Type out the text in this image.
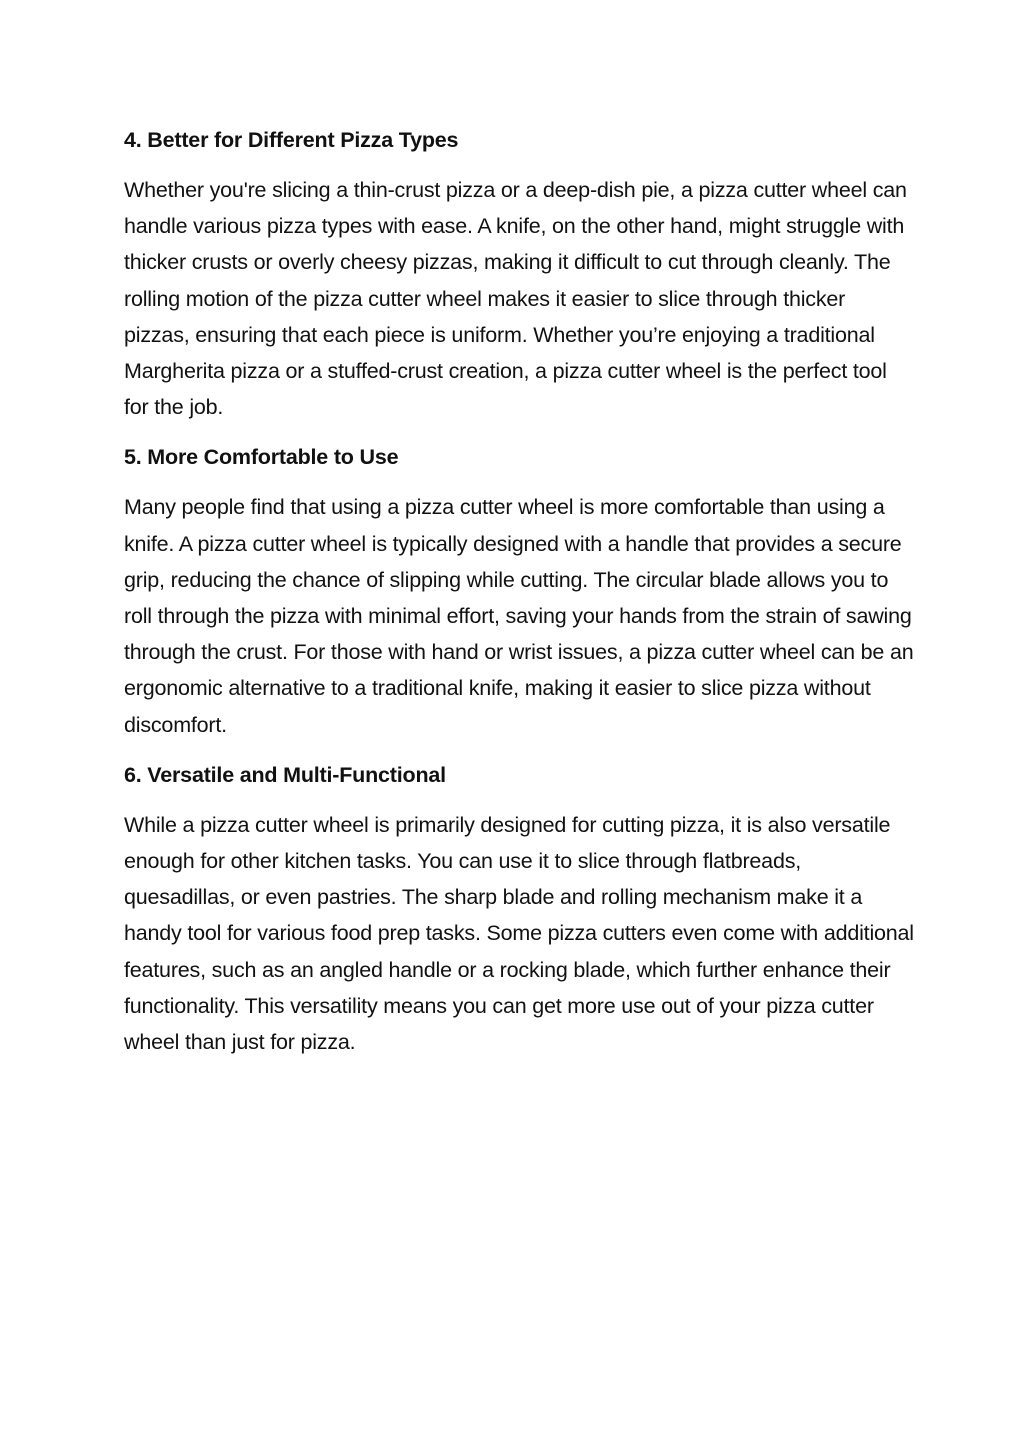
4. Better for Different Pizza Types

Whether you're slicing a thin-crust pizza or a deep-dish pie, a pizza cutter wheel can handle various pizza types with ease. A knife, on the other hand, might struggle with thicker crusts or overly cheesy pizzas, making it difficult to cut through cleanly. The rolling motion of the pizza cutter wheel makes it easier to slice through thicker pizzas, ensuring that each piece is uniform. Whether you’re enjoying a traditional Margherita pizza or a stuffed-crust creation, a pizza cutter wheel is the perfect tool for the job.

5. More Comfortable to Use

Many people find that using a pizza cutter wheel is more comfortable than using a knife. A pizza cutter wheel is typically designed with a handle that provides a secure grip, reducing the chance of slipping while cutting. The circular blade allows you to roll through the pizza with minimal effort, saving your hands from the strain of sawing through the crust. For those with hand or wrist issues, a pizza cutter wheel can be an ergonomic alternative to a traditional knife, making it easier to slice pizza without discomfort.

6. Versatile and Multi-Functional

While a pizza cutter wheel is primarily designed for cutting pizza, it is also versatile enough for other kitchen tasks. You can use it to slice through flatbreads, quesadillas, or even pastries. The sharp blade and rolling mechanism make it a handy tool for various food prep tasks. Some pizza cutters even come with additional features, such as an angled handle or a rocking blade, which further enhance their functionality. This versatility means you can get more use out of your pizza cutter wheel than just for pizza.
